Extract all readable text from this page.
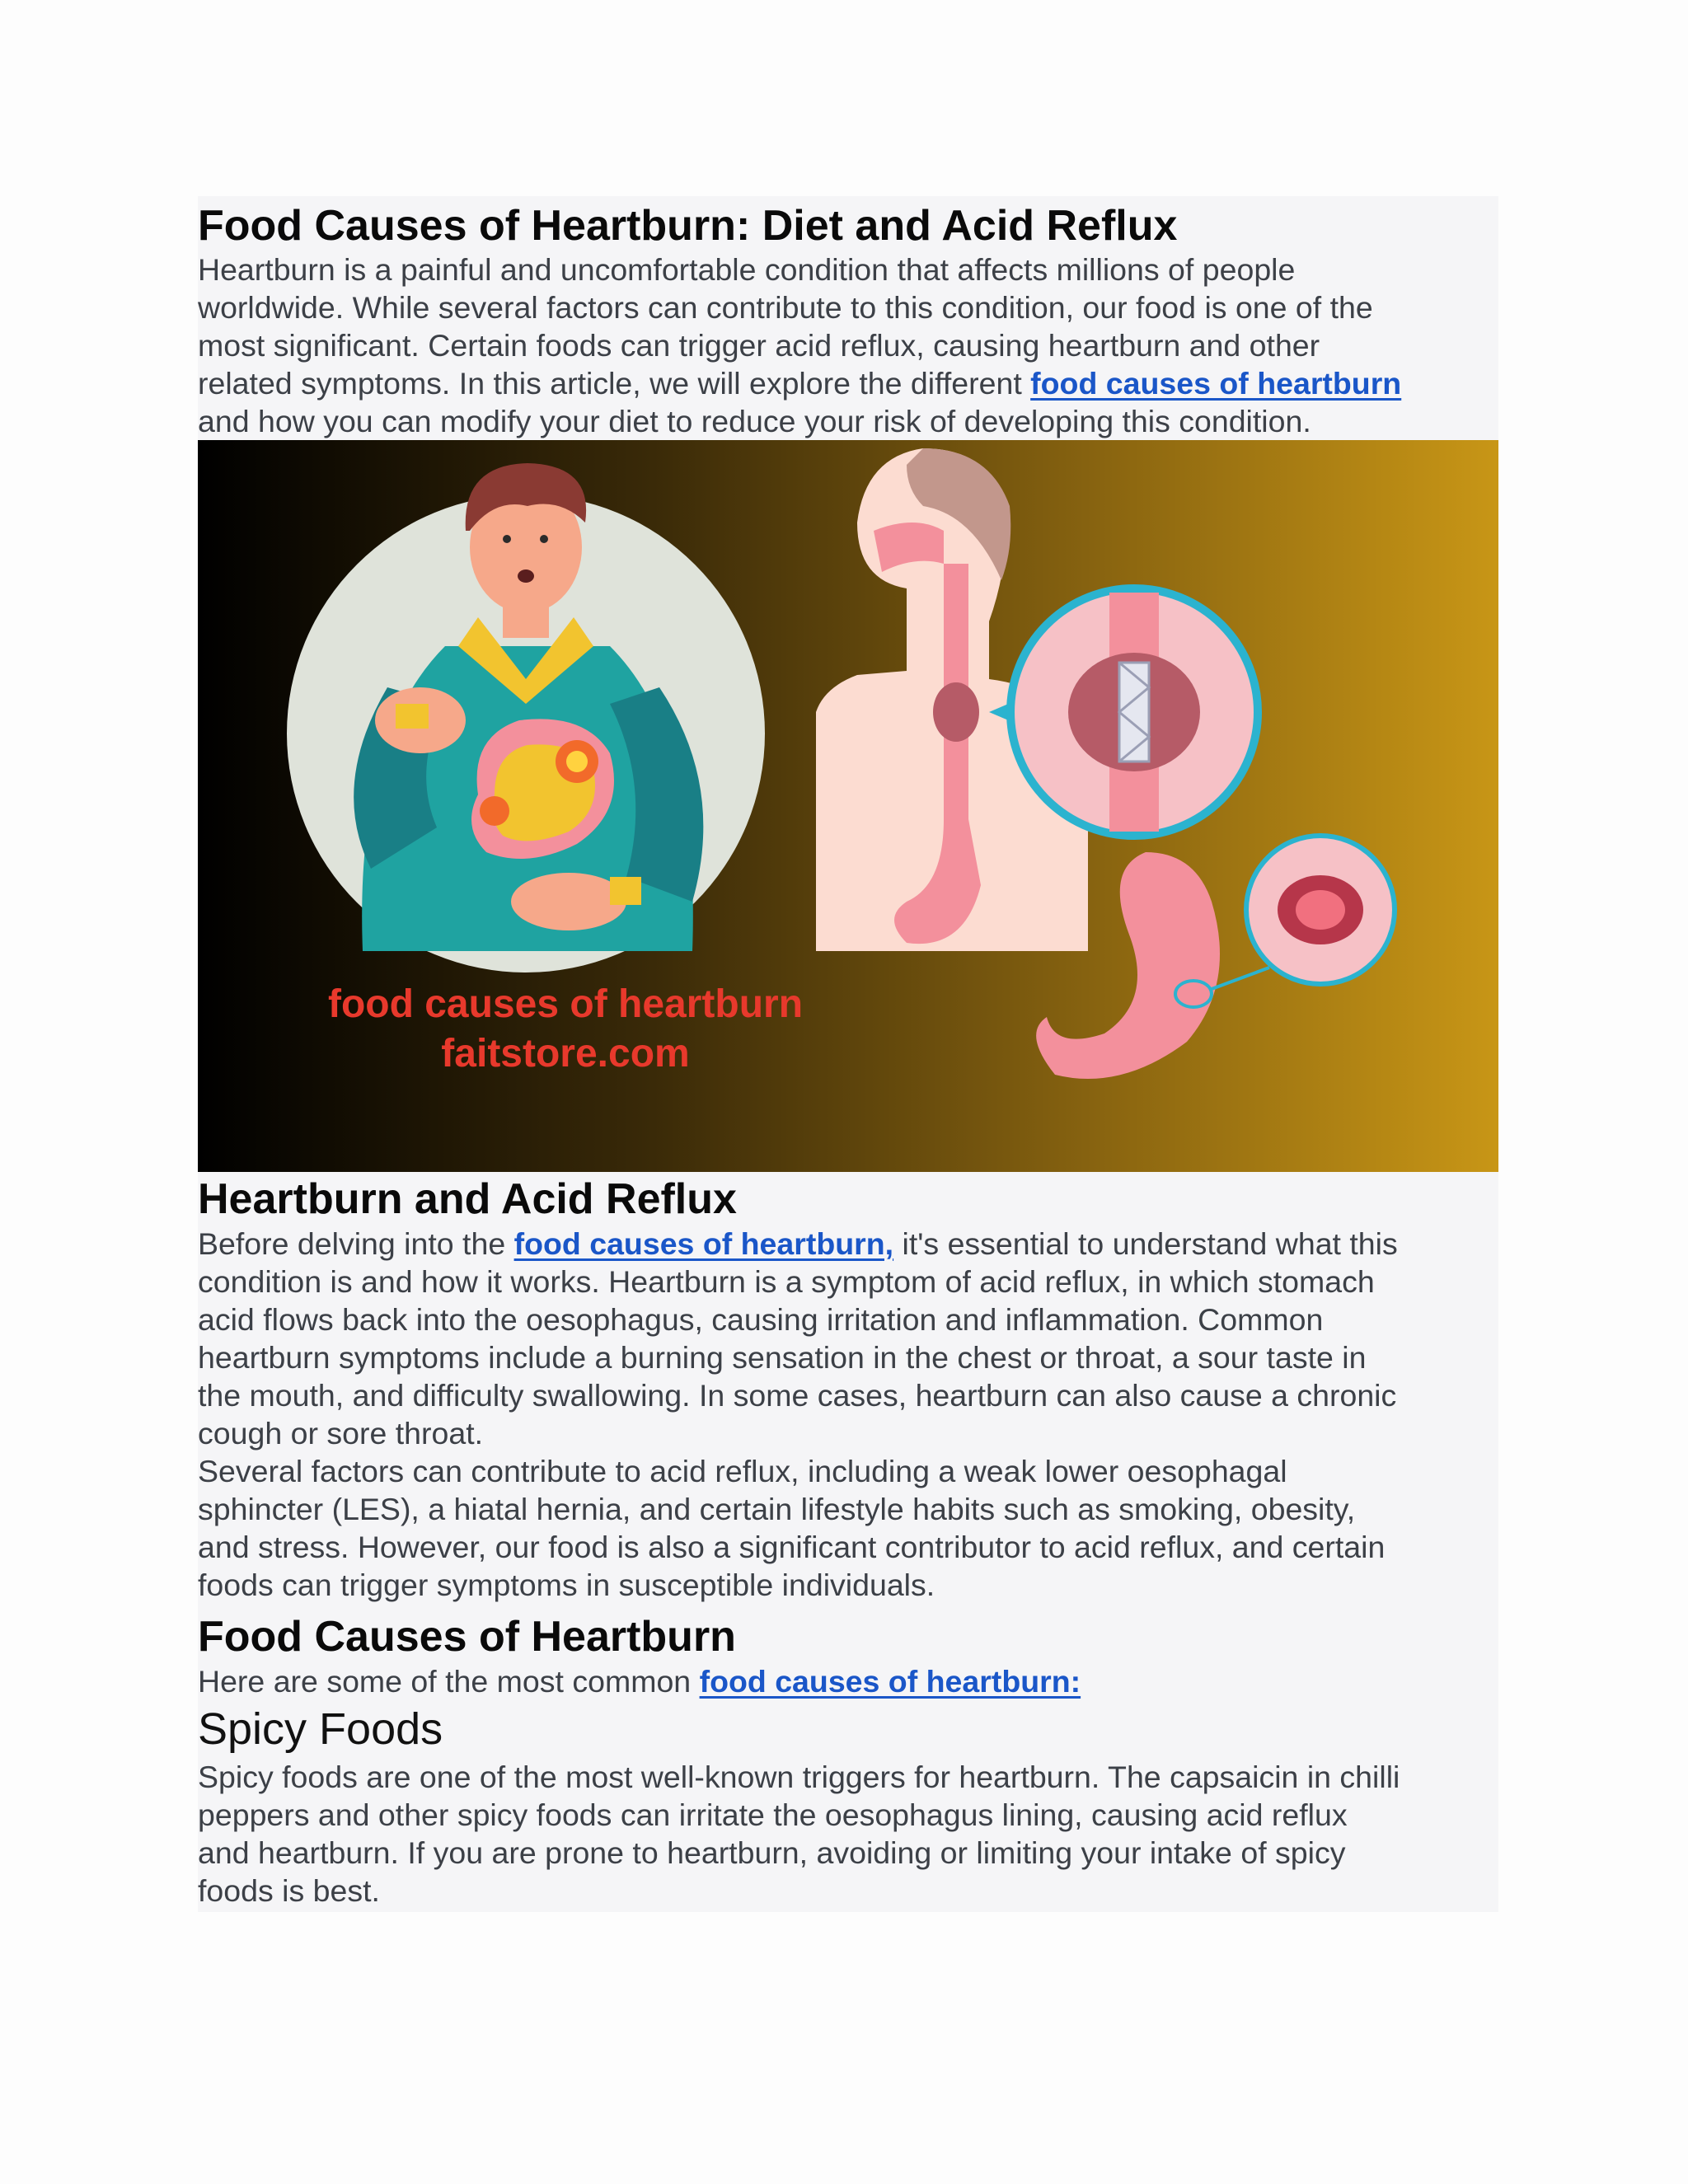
Food Causes of Heartburn: Diet and Acid Reflux
Heartburn is a painful and uncomfortable condition that affects millions of people
worldwide. While several factors can contribute to this condition, our food is one of the
most significant. Certain foods can trigger acid reflux, causing heartburn and other
related symptoms. In this article, we will explore the different food causes of heartburn
and how you can modify your diet to reduce your risk of developing this condition.
food causes of heartburn
faitstore.com
Heartburn and Acid Reflux
Before delving into the food causes of heartburn, it's essential to understand what this
condition is and how it works. Heartburn is a symptom of acid reflux, in which stomach
acid flows back into the oesophagus, causing irritation and inflammation. Common
heartburn symptoms include a burning sensation in the chest or throat, a sour taste in
the mouth, and difficulty swallowing. In some cases, heartburn can also cause a chronic
cough or sore throat.
Several factors can contribute to acid reflux, including a weak lower oesophagal
sphincter (LES), a hiatal hernia, and certain lifestyle habits such as smoking, obesity,
and stress. However, our food is also a significant contributor to acid reflux, and certain
foods can trigger symptoms in susceptible individuals.
Food Causes of Heartburn
Here are some of the most common food causes of heartburn:
Spicy Foods
Spicy foods are one of the most well-known triggers for heartburn. The capsaicin in chilli
peppers and other spicy foods can irritate the oesophagus lining, causing acid reflux
and heartburn. If you are prone to heartburn, avoiding or limiting your intake of spicy
foods is best.
